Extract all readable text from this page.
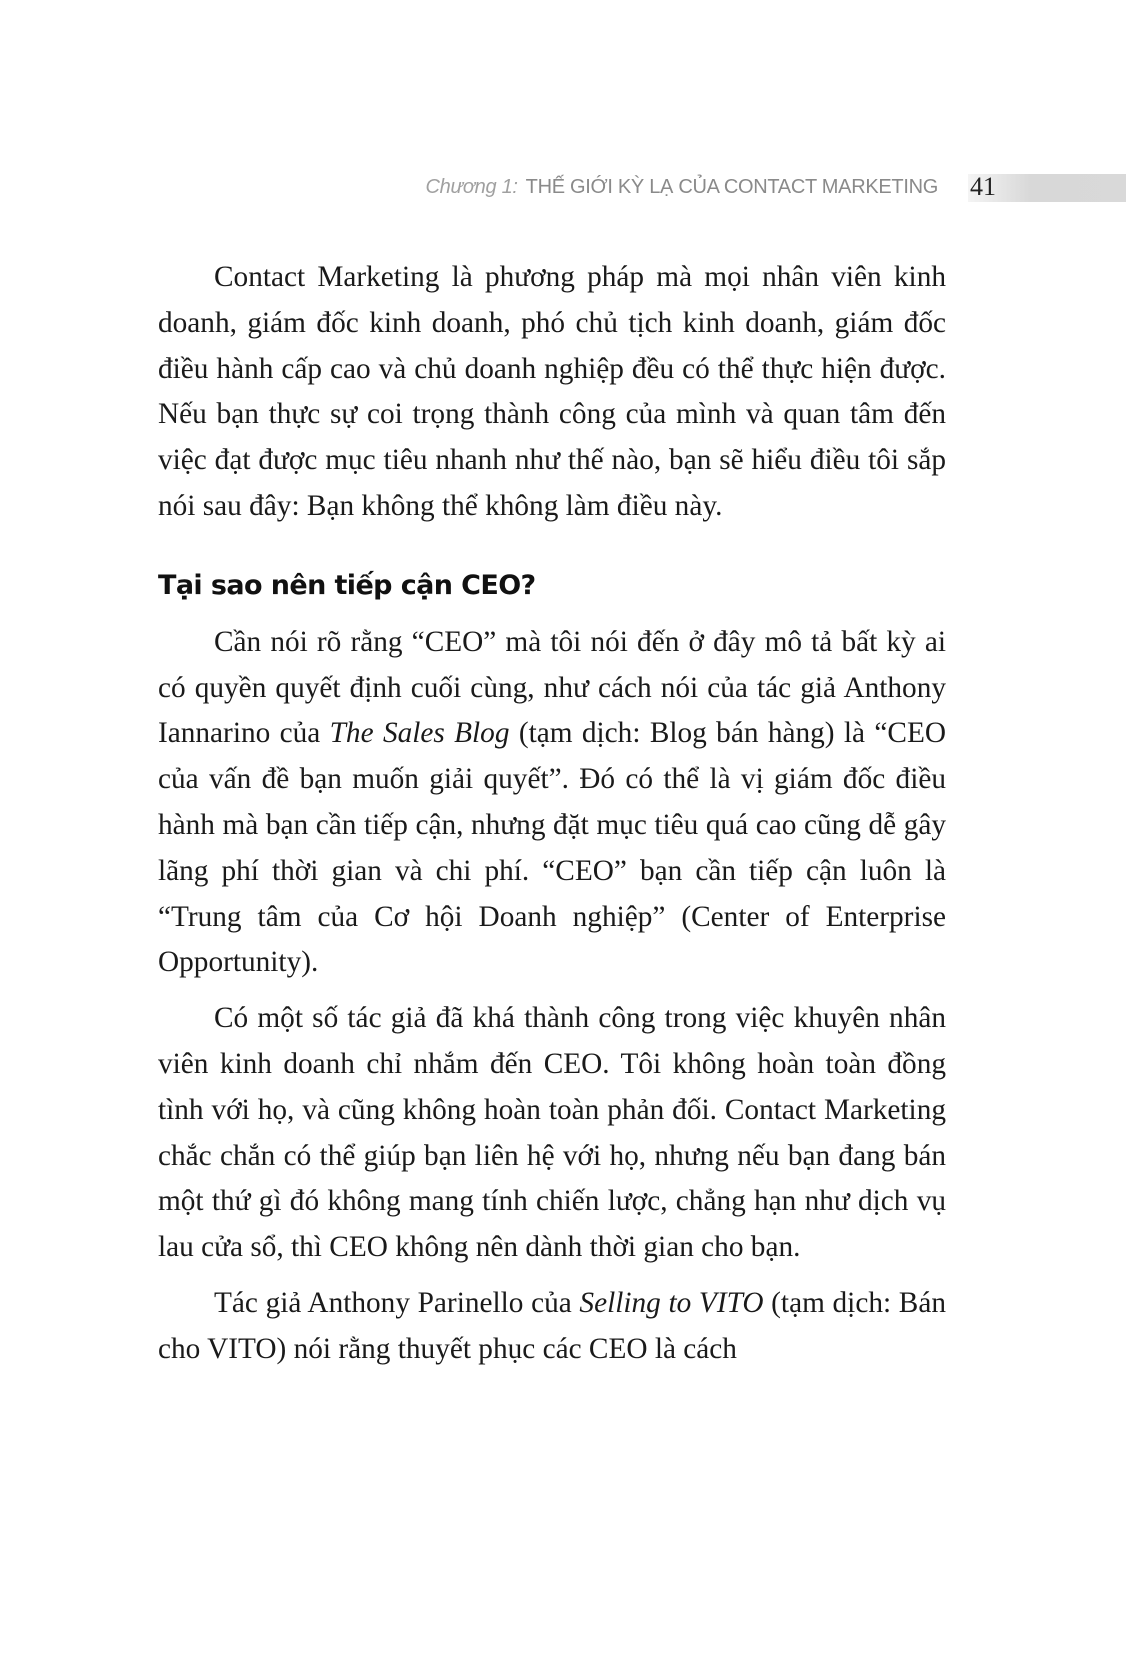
Chương 1: THẾ GIỚI KỲ LẠ CỦA CONTACT MARKETING 41

Contact Marketing là phương pháp mà mọi nhân viên kinh doanh, giám đốc kinh doanh, phó chủ tịch kinh doanh, giám đốc điều hành cấp cao và chủ doanh nghiệp đều có thể thực hiện được. Nếu bạn thực sự coi trọng thành công của mình và quan tâm đến việc đạt được mục tiêu nhanh như thế nào, bạn sẽ hiểu điều tôi sắp nói sau đây: Bạn không thể không làm điều này.

Tại sao nên tiếp cận CEO?

Cần nói rõ rằng “CEO” mà tôi nói đến ở đây mô tả bất kỳ ai có quyền quyết định cuối cùng, như cách nói của tác giả Anthony Iannarino của The Sales Blog (tạm dịch: Blog bán hàng) là “CEO của vấn đề bạn muốn giải quyết”. Đó có thể là vị giám đốc điều hành mà bạn cần tiếp cận, nhưng đặt mục tiêu quá cao cũng dễ gây lãng phí thời gian và chi phí. “CEO” bạn cần tiếp cận luôn là “Trung tâm của Cơ hội Doanh nghiệp” (Center of Enterprise Opportunity).

Có một số tác giả đã khá thành công trong việc khuyên nhân viên kinh doanh chỉ nhắm đến CEO. Tôi không hoàn toàn đồng tình với họ, và cũng không hoàn toàn phản đối. Contact Marketing chắc chắn có thể giúp bạn liên hệ với họ, nhưng nếu bạn đang bán một thứ gì đó không mang tính chiến lược, chẳng hạn như dịch vụ lau cửa sổ, thì CEO không nên dành thời gian cho bạn.

Tác giả Anthony Parinello của Selling to VITO (tạm dịch: Bán cho VITO) nói rằng thuyết phục các CEO là cách
